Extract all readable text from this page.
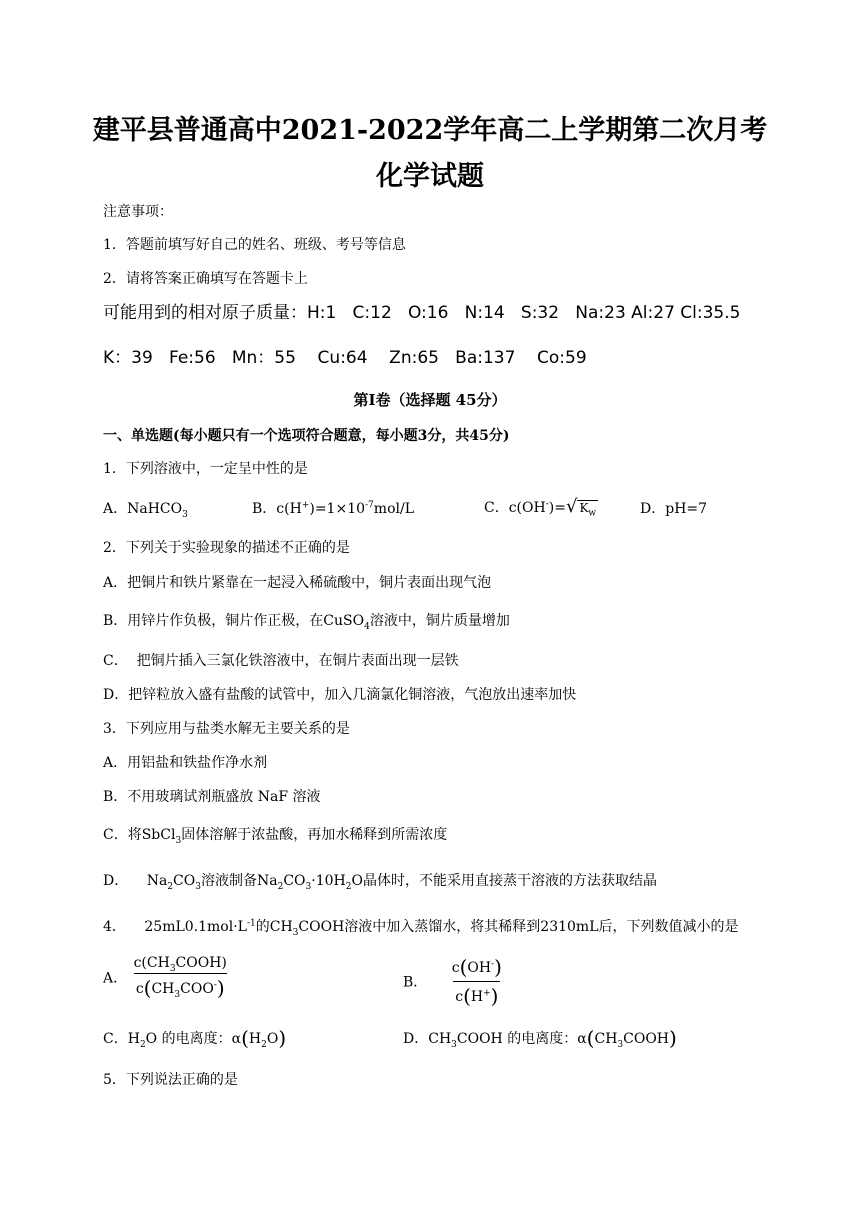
建平县普通高中2021-2022学年高二上学期第二次月考
化学试题
注意事项：
1．答题前填写好自己的姓名、班级、考号等信息
2．请将答案正确填写在答题卡上
可能用到的相对原子质量：H:1   C:12   O:16   N:14   S:32   Na:23 Al:27 Cl:35.5
K：39   Fe:56   Mn：55    Cu:64    Zn:65   Ba:137    Co:59
第Ⅰ卷（选择题 45分）
一、单选题(每小题只有一个选项符合题意，每小题3分，共45分)
1．下列溶液中，一定呈中性的是
A．NaHCO$_3$	B．$c(H^+)=1\times 10^{-7}mol/L$	C．c(OH-)=√ $K_w$	D．pH=7
2．下列关于实验现象的描述不正确的是
A．把铜片和铁片紧靠在一起浸入稀硫酸中，铜片表面出现气泡
B．用锌片作负极，铜片作正极，在CuSO$_4$溶液中，铜片质量增加
C．  把铜片插入三氯化铁溶液中，在铜片表面出现一层铁
D．把锌粒放入盛有盐酸的试管中，加入几滴氯化铜溶液，气泡放出速率加快
3．下列应用与盐类水解无主要关系的是
A．用铝盐和铁盐作净水剂
B．不用玻璃试剂瓶盛放 NaF 溶液
C．将SbCl$_3$固体溶解于浓盐酸，再加水稀释到所需浓度
D． $Na_2CO_3$溶液制备$Na_2CO_3\cdot 10H_2O$晶体时，不能采用直接蒸干溶液的方法获取结晶
4． $25mL0.1mol\cdot L^{-1}$的$CH_3COOH$溶液中加入蒸馏水，将其稀释到2310mL后，下列数值减小的是
A． $\frac{c(CH_3COOH)}{c(CH_3COO^-)}$	B． $\frac{c(OH^-)}{c(H^+)}$
C．$H_2O$ 的电离度：$\alpha(H_2O)$	D．$CH_3COOH$ 的电离度：$\alpha(CH_3COOH)$
5．下列说法正确的是
